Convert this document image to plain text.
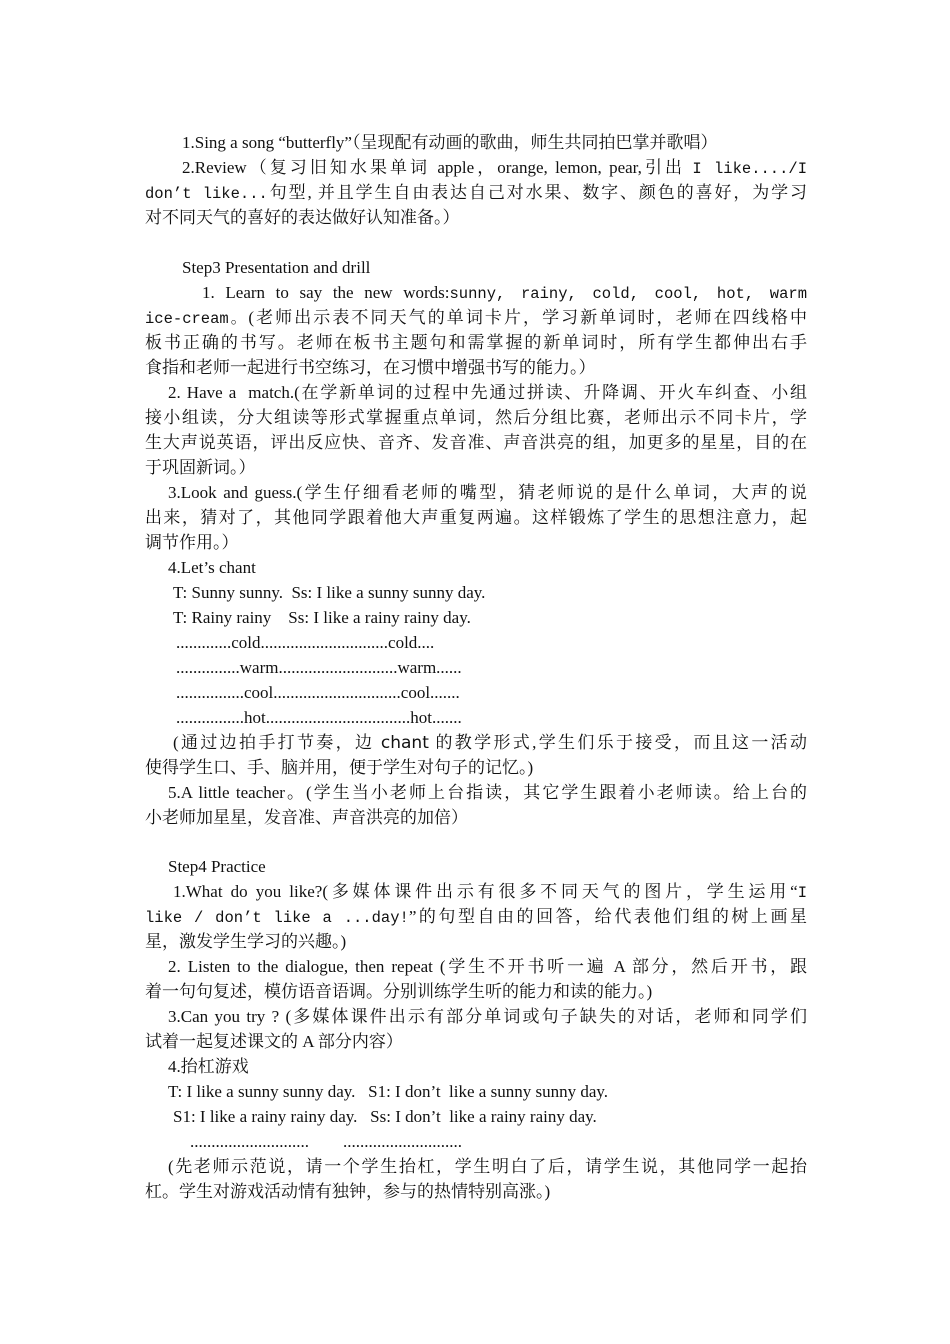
1.Sing a song “butterfly”（呈现配有动画的歌曲，师生共同拍巴掌并歌唱）
2.Review（复习旧知水果单词 apple，orange, lemon, pear,引出 I like..../I
don’t like...句型, 并且学生自由表达自己对水果、数字、颜色的喜好，为学习
对不同天气的喜好的表达做好认知准备。）
Step3 Presentation and drill
1. Learn to say the new words:sunny, rainy, cold, cool, hot, warm
ice-cream。(老师出示表不同天气的单词卡片，学习新单词时，老师在四线格中
板书正确的书写。老师在板书主题句和需掌握的新单词时，所有学生都伸出右手
食指和老师一起进行书空练习，在习惯中增强书写的能力。）
2. Have a  match.(在学新单词的过程中先通过拼读、升降调、开火车纠查、小组
接小组读，分大组读等形式掌握重点单词，然后分组比赛，老师出示不同卡片，学
生大声说英语，评出反应快、音齐、发音准、声音洪亮的组，加更多的星星，目的在
于巩固新词。）
3.Look and guess.(学生仔细看老师的嘴型，猜老师说的是什么单词，大声的说
出来，猜对了，其他同学跟着他大声重复两遍。这样锻炼了学生的思想注意力，起
调节作用。）
4.Let’s chant
T: Sunny sunny.  Ss: I like a sunny sunny day.
T: Rainy rainy    Ss: I like a rainy rainy day.
.............cold..............................cold....
...............warm............................warm......
................cool..............................cool.......
................hot..................................hot.......
(通过边拍手打节奏，边 chant 的教学形式,学生们乐于接受，而且这一活动
使得学生口、手、脑并用，便于学生对句子的记忆。)
5.A little teacher。(学生当小老师上台指读，其它学生跟着小老师读。给上台的
小老师加星星，发音准、声音洪亮的加倍）
Step4 Practice
1.What do you like?(多媒体课件出示有很多不同天气的图片，学生运用“I
like / don’t like a ...day!”的句型自由的回答，给代表他们组的树上画星
星，激发学生学习的兴趣。)
2. Listen to the dialogue, then repeat (学生不开书听一遍 A 部分，然后开书，跟
着一句句复述，模仿语音语调。分别训练学生听的能力和读的能力。)
3.Can you try ? (多媒体课件出示有部分单词或句子缺失的对话，老师和同学们
试着一起复述课文的 A 部分内容）
4.抬杠游戏
T: I like a sunny sunny day.   S1: I don’t  like a sunny sunny day.
S1: I like a rainy rainy day.   Ss: I don’t  like a rainy rainy day.
............................        ............................
(先老师示范说，请一个学生抬杠，学生明白了后，请学生说，其他同学一起抬
杠。学生对游戏活动情有独钟，参与的热情特别高涨。)
